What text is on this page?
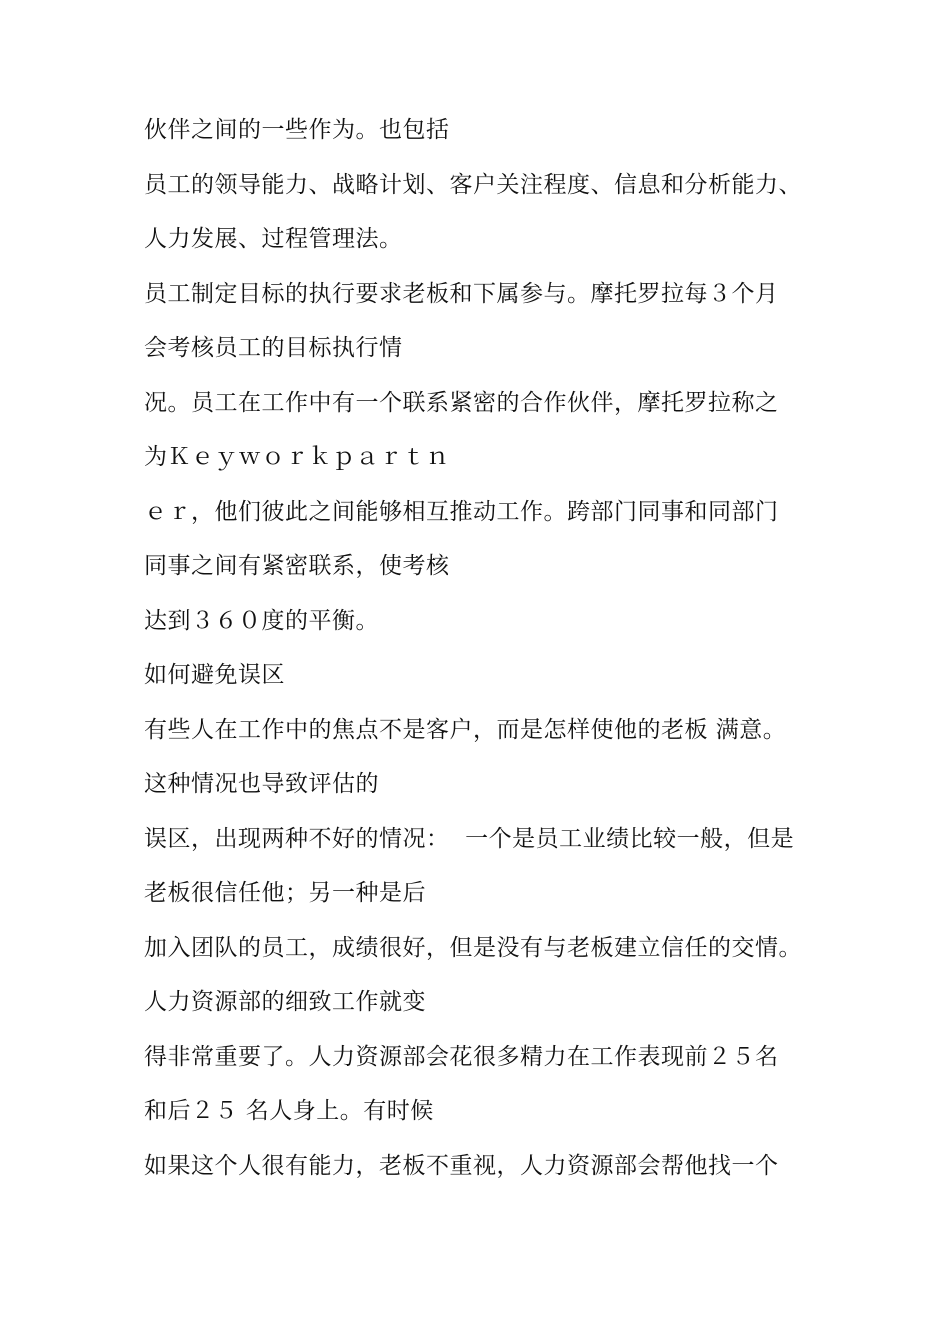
伙伴之间的一些作为。也包括
员工的领导能力、战略计划、客户关注程度、信息和分析能力、
人力发展、过程管理法。
员工制定目标的执行要求老板和下属参与。摩托罗拉每３个月
会考核员工的目标执行情
况。员工在工作中有一个联系紧密的合作伙伴，摩托罗拉称之
为Ｋｅｙｗｏｒｋｐａｒｔｎ
ｅｒ，他们彼此之间能够相互推动工作。跨部门同事和同部门
同事之间有紧密联系，使考核
达到３６０度的平衡。
如何避免误区
有些人在工作中的焦点不是客户，而是怎样使他的老板 满意。
这种情况也导致评估的
误区，出现两种不好的情况：  一个是员工业绩比较一般，但是
老板很信任他；另一种是后
加入团队的员工，成绩很好，但是没有与老板建立信任的交情。
人力资源部的细致工作就变
得非常重要了。人力资源部会花很多精力在工作表现前２５名
和后２５ 名人身上。有时候
如果这个人很有能力，老板不重视，人力资源部会帮他找一个
